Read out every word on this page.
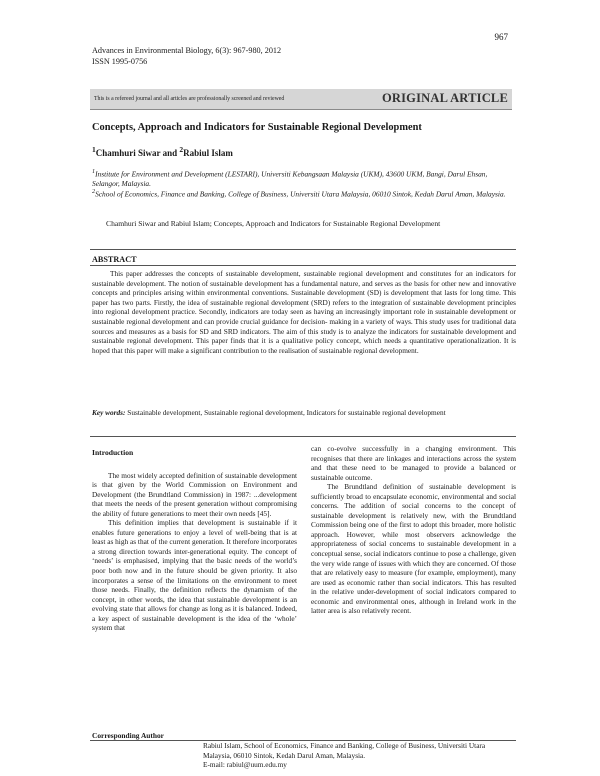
967
Advances in Environmental Biology, 6(3): 967-980, 2012
ISSN 1995-0756
This is a refereed journal and all articles are professionally screened and reviewed	ORIGINAL ARTICLE
Concepts, Approach and Indicators for Sustainable Regional Development
$^1$Chamhuri Siwar and $^2$Rabiul Islam
$^1$Institute for Environment and Development (LESTARI), Universiti Kebangsaan Malaysia (UKM), 43600 UKM, Bangi, Darul Ehsan, Selangor, Malaysia.
$^2$School of Economics, Finance and Banking, College of Business, Universiti Utara Malaysia, 06010 Sintok, Kedah Darul Aman, Malaysia.
Chamhuri Siwar and Rabiul Islam; Concepts, Approach and Indicators for Sustainable Regional Development
ABSTRACT
This paper addresses the concepts of sustainable development, sustainable regional development and constitutes for an indicators for sustainable development. The notion of sustainable development has a fundamental nature, and serves as the basis for other new and innovative concepts and principles arising within environmental conventions. Sustainable development (SD) is development that lasts for long time. This paper has two parts. Firstly, the idea of sustainable regional development (SRD) refers to the integration of sustainable development principles into regional development practice. Secondly, indicators are today seen as having an increasingly important role in sustainable development or sustainable regional development and can provide crucial guidance for decision- making in a variety of ways. This study uses for traditional data sources and measures as a basis for SD and SRD indicators. The aim of this study is to analyze the indicators for sustainable development and sustainable regional development. This paper finds that it is a qualitative policy concept, which needs a quantitative operationalization. It is hoped that this paper will make a significant contribution to the realisation of sustainable regional development.
Key words: Sustainable development, Sustainable regional development, Indicators for sustainable regional development
Introduction

The most widely accepted definition of sustainable development is that given by the World Commission on Environment and Development (the Brundtland Commission) in 1987: ...development that meets the needs of the present generation without compromising the ability of future generations to meet their own needs [45].

This definition implies that development is sustainable if it enables future generations to enjoy a level of well-being that is at least as high as that of the current generation. It therefore incorporates a strong direction towards inter-generational equity. The concept of ‘needs’ is emphasised, implying that the basic needs of the world’s poor both now and in the future should be given priority. It also incorporates a sense of the limitations on the environment to meet those needs. Finally, the definition reflects the dynamism of the concept, in other words, the idea that sustainable development is an evolving state that allows for change as long as it is balanced. Indeed, a key aspect of sustainable development is the idea of the ‘whole’ system that

can co-evolve successfully in a changing environment. This recognises that there are linkages and interactions across the system and that these need to be managed to provide a balanced or sustainable outcome.

The Brundtland definition of sustainable development is sufficiently broad to encapsulate economic, environmental and social concerns. The addition of social concerns to the concept of sustainable development is relatively new, with the Brundtland Commission being one of the first to adopt this broader, more holistic approach. However, while most observers acknowledge the appropriateness of social concerns to sustainable development in a conceptual sense, social indicators continue to pose a challenge, given the very wide range of issues with which they are concerned. Of those that are relatively easy to measure (for example, employment), many are used as economic rather than social indicators. This has resulted in the relative under-development of social indicators compared to economic and environmental ones, although in Ireland work in the latter area is also relatively recent.

Corresponding Author
Rabiul Islam, School of Economics, Finance and Banking, College of Business, Universiti Utara Malaysia, 06010 Sintok, Kedah Darul Aman, Malaysia.
E-mail: rabiul@uum.edu.my
